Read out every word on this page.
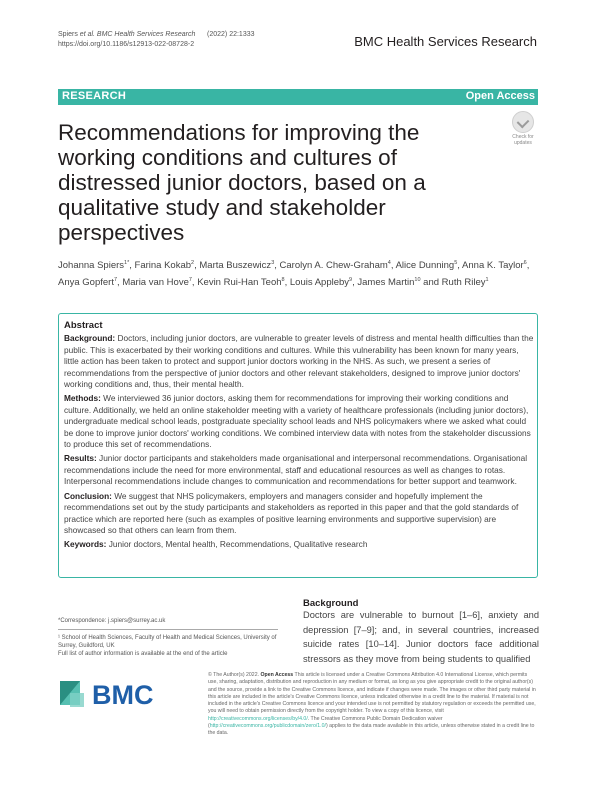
Spiers et al. BMC Health Services Research (2022) 22:1333
https://doi.org/10.1186/s12913-022-08728-2	BMC Health Services Research
RESEARCH	Open Access
Check for updates
Recommendations for improving the working conditions and cultures of distressed junior doctors, based on a qualitative study and stakeholder perspectives
Johanna Spiers$^{1*}$, Farina Kokab$^2$, Marta Buszewicz$^3$, Carolyn A. Chew-Graham$^4$, Alice Dunning$^5$, Anna K. Taylor$^6$, Anya Gopfert$^7$, Maria van Hove$^7$, Kevin Rui-Han Teoh$^8$, Louis Appleby$^9$, James Martin$^{10}$ and Ruth Riley$^1$
Abstract

Background: Doctors, including junior doctors, are vulnerable to greater levels of distress and mental health difficulties than the public. This is exacerbated by their working conditions and cultures. While this vulnerability has been known for many years, little action has been taken to protect and support junior doctors working in the NHS. As such, we present a series of recommendations from the perspective of junior doctors and other relevant stakeholders, designed to improve junior doctors' working conditions and, thus, their mental health.

Methods: We interviewed 36 junior doctors, asking them for recommendations for improving their working conditions and culture. Additionally, we held an online stakeholder meeting with a variety of healthcare professionals (including junior doctors), undergraduate medical school leads, postgraduate speciality school leads and NHS policymakers where we asked what could be done to improve junior doctors' working conditions. We combined interview data with notes from the stakeholder discussions to produce this set of recommendations.

Results: Junior doctor participants and stakeholders made organisational and interpersonal recommendations. Organisational recommendations include the need for more environmental, staff and educational resources as well as changes to rotas. Interpersonal recommendations include changes to communication and recommendations for better support and teamwork.

Conclusion: We suggest that NHS policymakers, employers and managers consider and hopefully implement the recommendations set out by the study participants and stakeholders as reported in this paper and that the gold standards of practice which are reported here (such as examples of positive learning environments and supportive supervision) are showcased so that others can learn from them.

Keywords: Junior doctors, Mental health, Recommendations, Qualitative research

*Correspondence: j.spiers@surrey.ac.uk

¹ School of Health Sciences, Faculty of Health and Medical Sciences, University of Surrey, Guildford, UK

Full list of author information is available at the end of the article

Background
Doctors are vulnerable to burnout [1–6], anxiety and depression [7–9]; and, in several countries, increased suicide rates [10–14]. Junior doctors face additional stressors as they move from being students to qualified
BMC
© The Author(s) 2022. Open Access This article is licensed under a Creative Commons Attribution 4.0 International License, which permits use, sharing, adaptation, distribution and reproduction in any medium or format, as long as you give appropriate credit to the original author(s) and the source, provide a link to the Creative Commons licence, and indicate if changes were made. The images or other third party material in this article are included in the article's Creative Commons licence, unless indicated otherwise in a credit line to the material. If material is not included in the article's Creative Commons licence and your intended use is not permitted by statutory regulation or exceeds the permitted use, you will need to obtain permission directly from the copyright holder. To view a copy of this licence, visit http://creativecommons.org/licenses/by/4.0/. The Creative Commons Public Domain Dedication waiver (http://creativecommons.org/publicdomain/zero/1.0/) applies to the data made available in this article, unless otherwise stated in a credit line to the data.
